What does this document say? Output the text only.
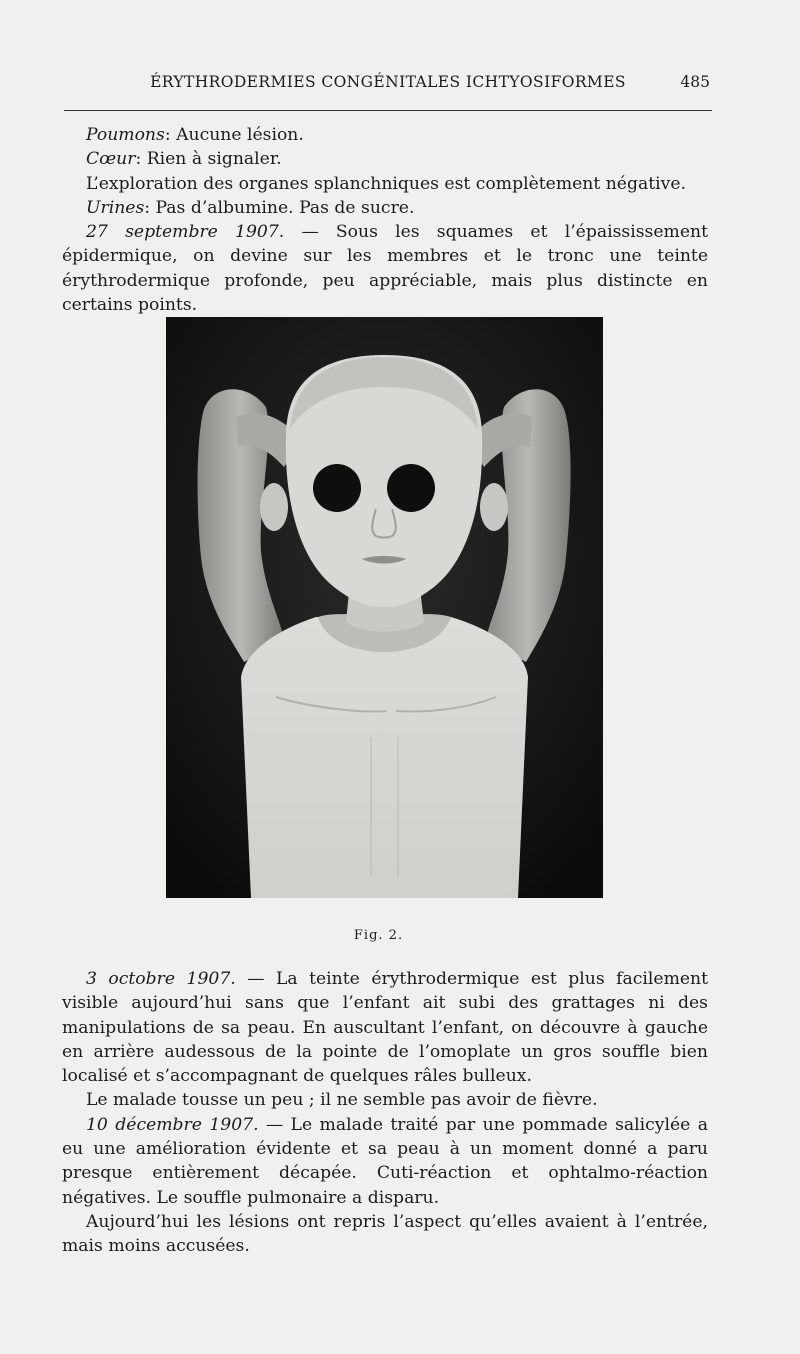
ÉRYTHRODERMIES CONGÉNITALES ICHTYOSIFORMES	485

Poumons: Aucune lésion.

Cœur: Rien à signaler.

L’exploration des organes splanchniques est complètement négative.

Urines: Pas d’albumine. Pas de sucre.

27 septembre 1907. — Sous les squames et l’épaississement épidermique, on devine sur les membres et le tronc une teinte érythrodermique profonde, peu appréciable, mais plus distincte en certains points.

Fig. 2.

3 octobre 1907. — La teinte érythrodermique est plus facilement visible aujourd’hui sans que l’enfant ait subi des grattages ni des manipulations de sa peau. En auscultant l’enfant, on découvre à gauche en arrière audessous de la pointe de l’omoplate un gros souffle bien localisé et s’accompagnant de quelques râles bulleux.

Le malade tousse un peu ; il ne semble pas avoir de fièvre.

10 décembre 1907. — Le malade traité par une pommade salicylée a eu une amélioration évidente et sa peau à un moment donné a paru presque entièrement décapée. Cuti-réaction et ophtalmo-réaction négatives. Le souffle pulmonaire a disparu.

Aujourd’hui les lésions ont repris l’aspect qu’elles avaient à l’entrée, mais moins accusées.
